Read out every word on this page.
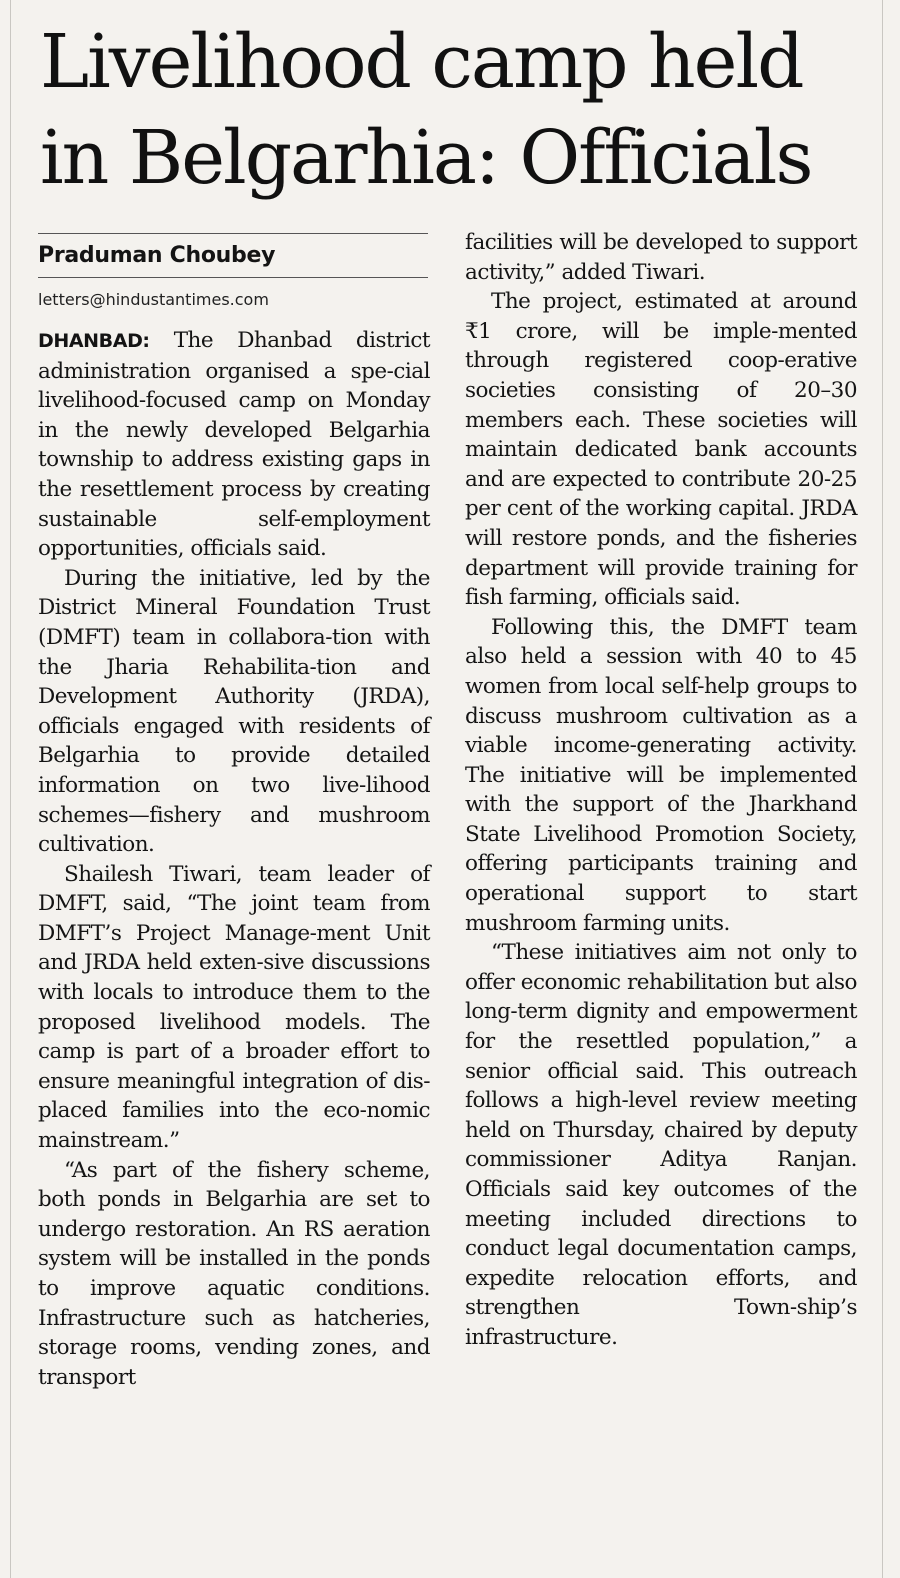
Livelihood camp held
in Belgarhia: Officials
Praduman Choubey
letters@hindustantimes.com

DHANBAD: The Dhanbad district administration organised a spe-cial livelihood-focused camp on Monday in the newly developed Belgarhia township to address existing gaps in the resettlement process by creating sustainable self-employment opportunities, officials said.

During the initiative, led by the District Mineral Foundation Trust (DMFT) team in collabora-tion with the Jharia Rehabilita-tion and Development Authority (JRDA), officials engaged with residents of Belgarhia to provide detailed information on two live-lihood schemes—fishery and mushroom cultivation.

Shailesh Tiwari, team leader of DMFT, said, “The joint team from DMFT’s Project Manage-ment Unit and JRDA held exten-sive discussions with locals to introduce them to the proposed livelihood models. The camp is part of a broader effort to ensure meaningful integration of dis-placed families into the eco-nomic mainstream.”

“As part of the fishery scheme, both ponds in Belgarhia are set to undergo restoration. An RS aeration system will be installed in the ponds to improve aquatic conditions. Infrastructure such as hatcheries, storage rooms, vending zones, and transport

facilities will be developed to support activity,” added Tiwari.

The project, estimated at around ₹1 crore, will be imple-mented through registered coop-erative societies consisting of 20–30 members each. These societies will maintain dedicated bank accounts and are expected to contribute 20-25 per cent of the working capital. JRDA will restore ponds, and the fisheries department will provide training for fish farming, officials said.

Following this, the DMFT team also held a session with 40 to 45 women from local self-help groups to discuss mushroom cultivation as a viable income-generating activity. The initiative will be implemented with the support of the Jharkhand State Livelihood Promotion Society, offering participants training and operational support to start mushroom farming units.

“These initiatives aim not only to offer economic rehabilitation but also long-term dignity and empowerment for the resettled population,” a senior official said. This outreach follows a high-level review meeting held on Thursday, chaired by deputy commissioner Aditya Ranjan. Officials said key outcomes of the meeting included directions to conduct legal documentation camps, expedite relocation efforts, and strengthen Town-ship’s infrastructure.
